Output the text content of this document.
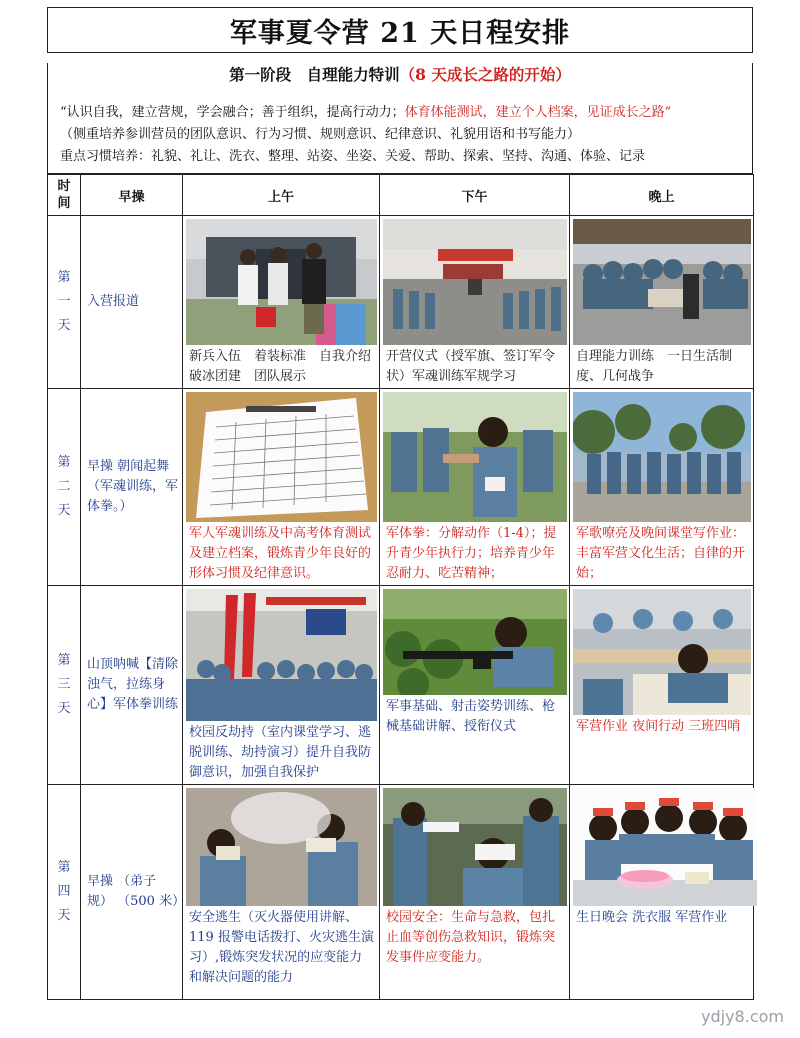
军事夏令营 21 天日程安排
第一阶段　自理能力特训（8 天成长之路的开始）
“认识自我，建立营规，学会融合；善于组织，提高行动力；体育体能测试，建立个人档案，见证成长之路”
（侧重培养参训营员的团队意识、行为习惯、规则意识、纪律意识、礼貌用语和书写能力）
重点习惯培养：礼貌、礼让、洗衣、整理、站姿、坐姿、关爱、帮助、探索、坚持、沟通、体验、记录
时间	早操	上午	下午	晚上

第
一
天	入营报道	新兵入伍　着装标准　自我介绍　破冰团建　团队展示	开营仪式（授军旗、签订军令状）军魂训练军规学习	自理能力训练　一日生活制度、几何战争

第
二
天	早操 朝闻起舞（军魂训练，军体拳。）	军人军魂训练及中高考体育测试及建立档案，锻炼青少年良好的形体习惯及纪律意识。	军体拳：分解动作（1-4）；提升青少年执行力；培养青少年忍耐力、吃苦精神；	军歌嘹亮及晚间课堂写作业：丰富军营文化生活；自律的开始；

第
三
天	山顶呐喊【清除浊气，拉练身心】军体拳训练	校园反劫持（室内课堂学习、逃脱训练、劫持演习）提升自我防御意识，加强自我保护	军事基础、射击姿势训练、枪械基础讲解、授衔仪式	军营作业 夜间行动 三班四哨

第
四
天	早操 （弟子规） （500 米）	安全逃生（灭火器使用讲解、119 报警电话拨打、火灾逃生演习）,锻炼突发状况的应变能力和解决问题的能力	校园安全：生命与急救，包扎止血等创伤急救知识，锻炼突发事件应变能力。	生日晚会 洗衣服 军营作业
ydjy8.com
